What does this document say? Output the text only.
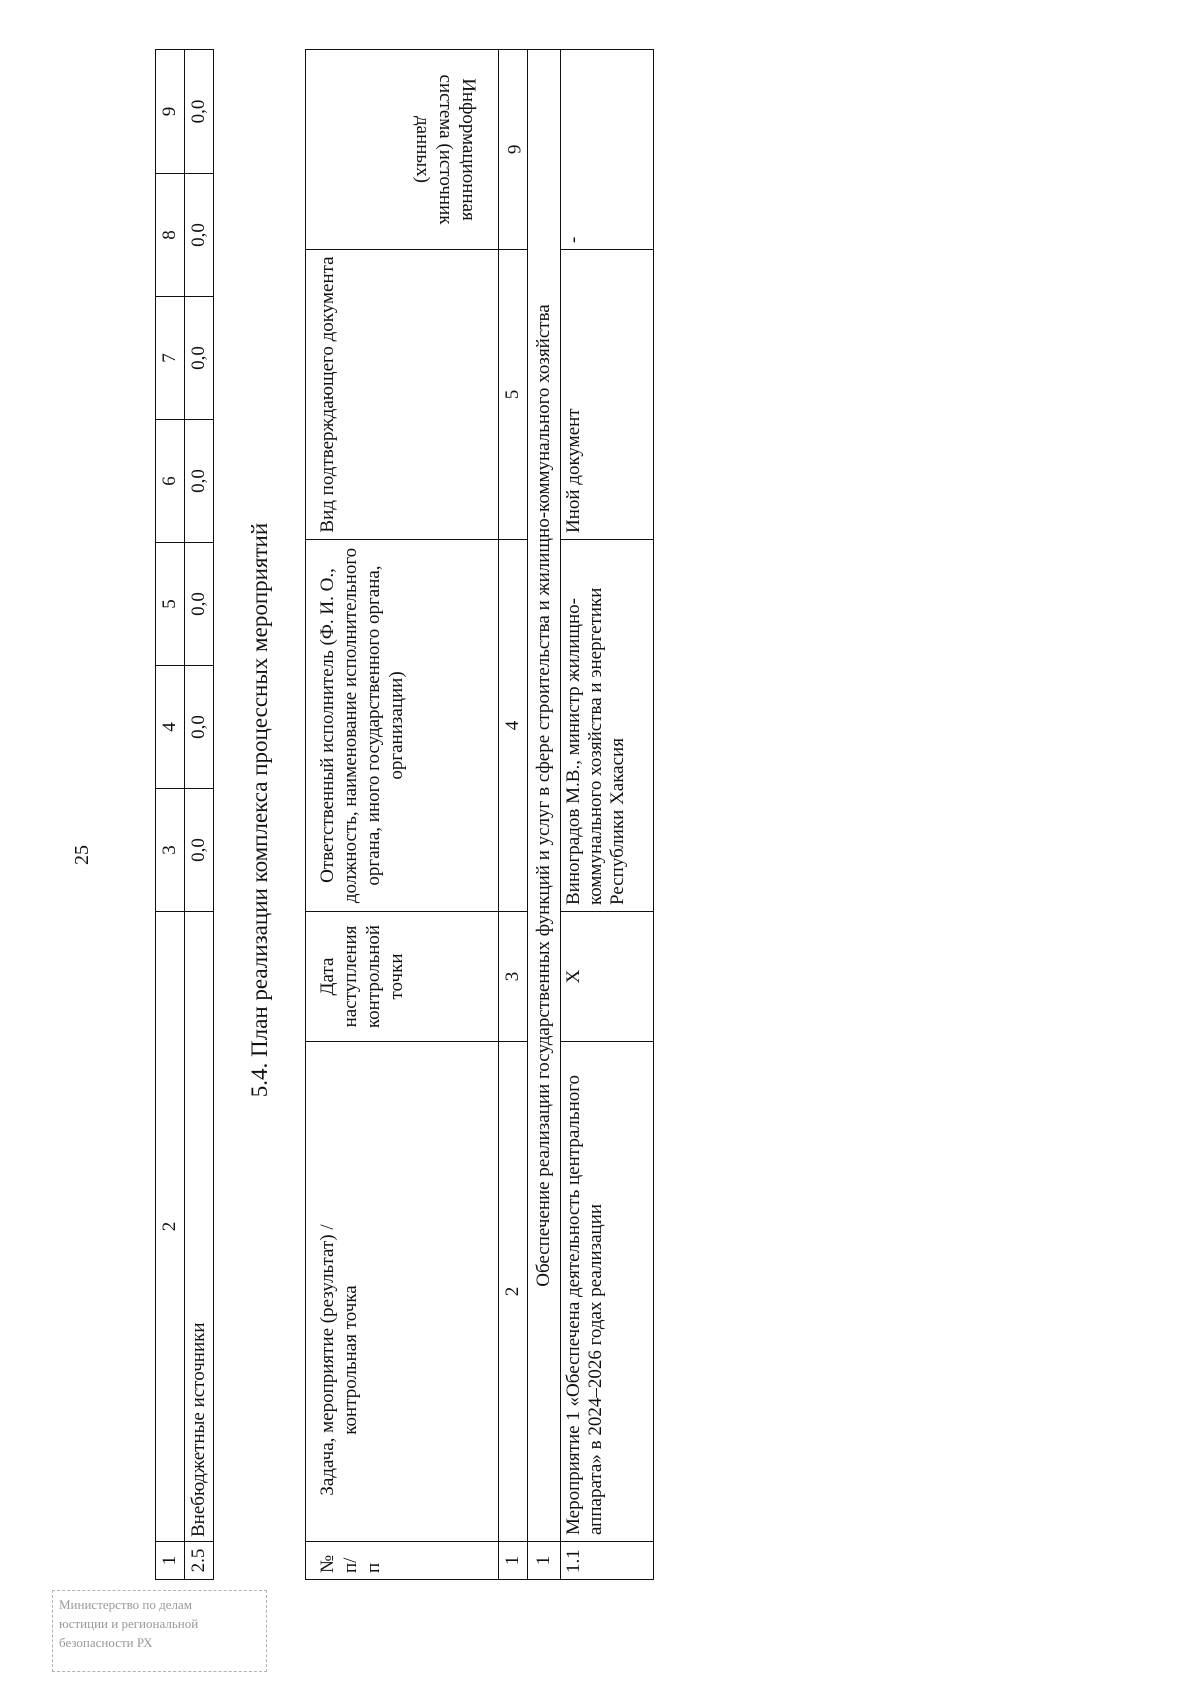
25
Министерство по делам
юстиции и региональной
безопасности РХ
1	2	3	4	5	6	7	8	9
2.5	Внебюджетные источники	0,0	0,0	0,0	0,0	0,0	0,0	0,0
5.4. План реализации комплекса процессных мероприятий
№ п/п	Задача, мероприятие (результат) / контрольная точка	Дата наступления контрольной точки	Ответственный исполнитель (Ф. И. О., должность, наименование исполнительного органа, иного государственного органа, организации)	Вид подтверждающего документа	Информационная система (источник данных)
1	2	3	4	5	6
1	Обеспечение реализации государственных функций и услуг в сфере строительства и жилищно-коммунального хозяйства				
1.1	Мероприятие 1 «Обеспечена деятельность центрального аппарата» в 2024–2026 годах реализации	X	Виноградов М.В., министр жилищно-коммунального хозяйства и энергетики Республики Хакасия	Иной документ	-
